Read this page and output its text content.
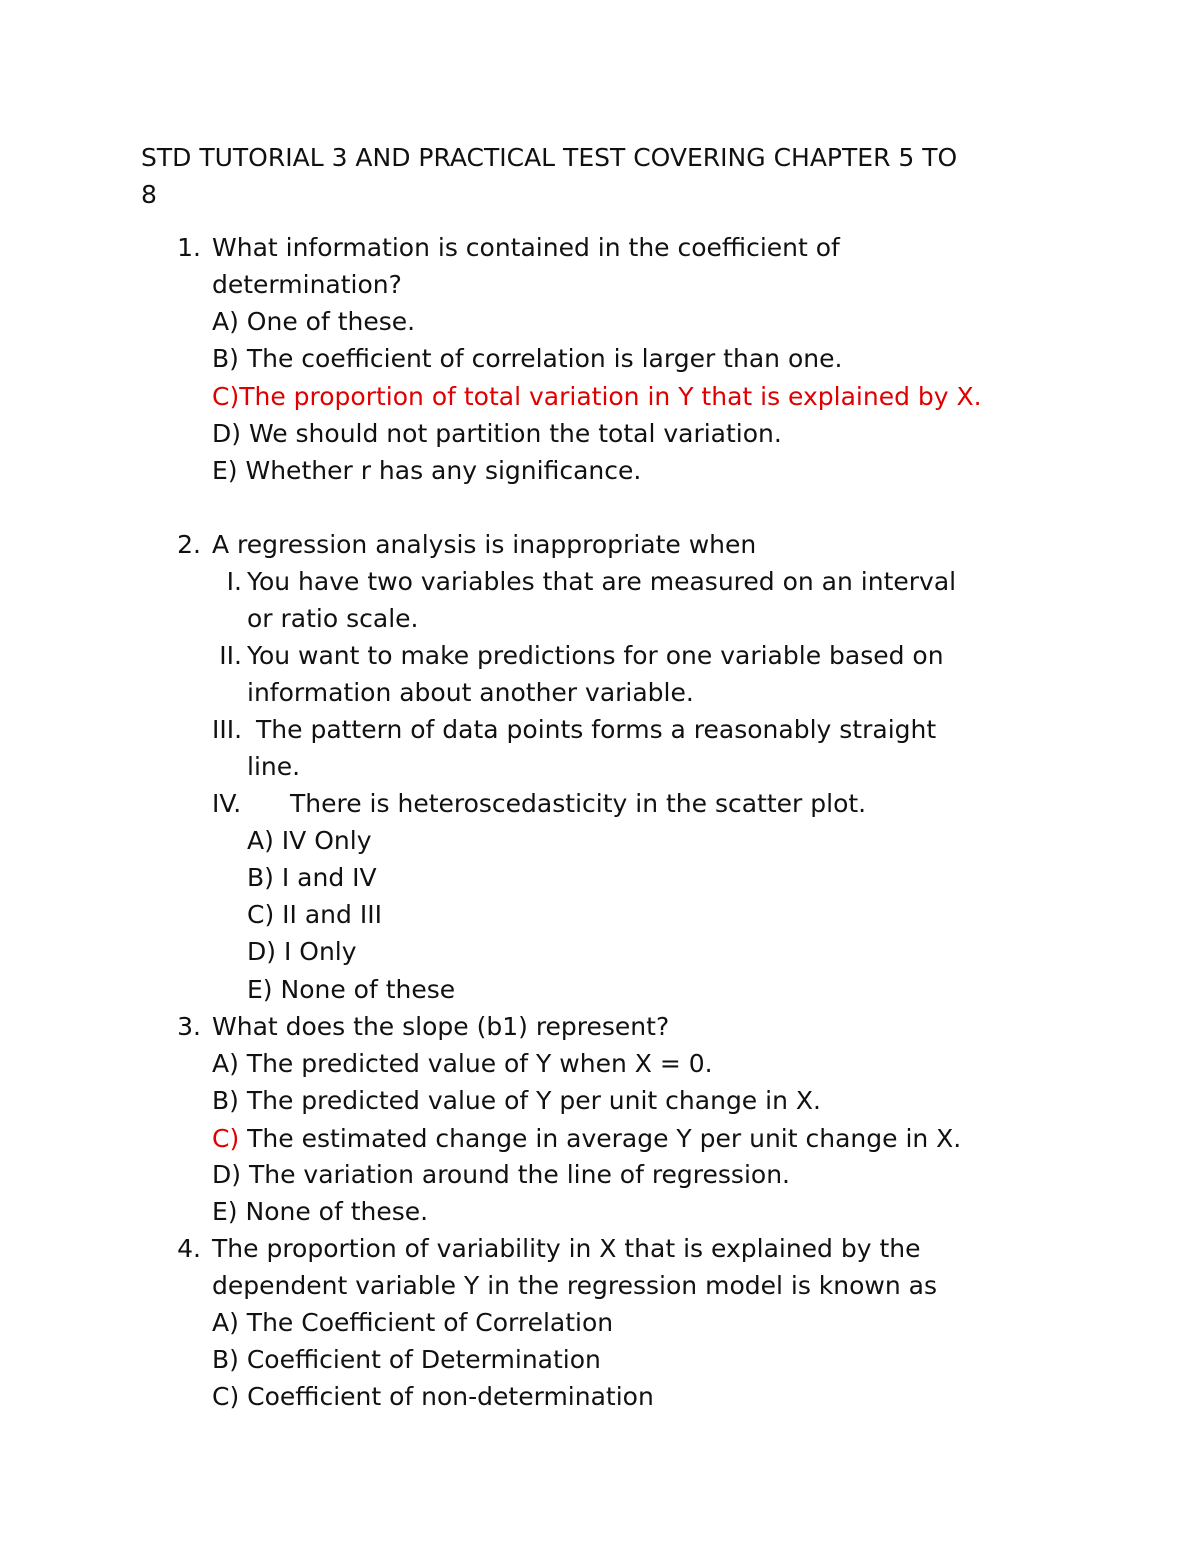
STD TUTORIAL 3 AND PRACTICAL TEST COVERING CHAPTER 5 TO
8
1. What information is contained in the coefficient of
determination?
A) One of these.
B) The coefficient of correlation is larger than one.
C)The proportion of total variation in Y that is explained by X.
D) We should not partition the total variation.
E) Whether r has any significance.
2. A regression analysis is inappropriate when
I. You have two variables that are measured on an interval
or ratio scale.
II. You want to make predictions for one variable based on
information about another variable.
III. The pattern of data points forms a reasonably straight
line.
IV. There is heteroscedasticity in the scatter plot.
A) IV Only
B) I and IV
C) II and III
D) I Only
E) None of these
3. What does the slope (b1) represent?
A) The predicted value of Y when X = 0.
B) The predicted value of Y per unit change in X.
C) The estimated change in average Y per unit change in X.
D) The variation around the line of regression.
E) None of these.
4. The proportion of variability in X that is explained by the
dependent variable Y in the regression model is known as
A) The Coefficient of Correlation
B) Coefficient of Determination
C) Coefficient of non-determination
